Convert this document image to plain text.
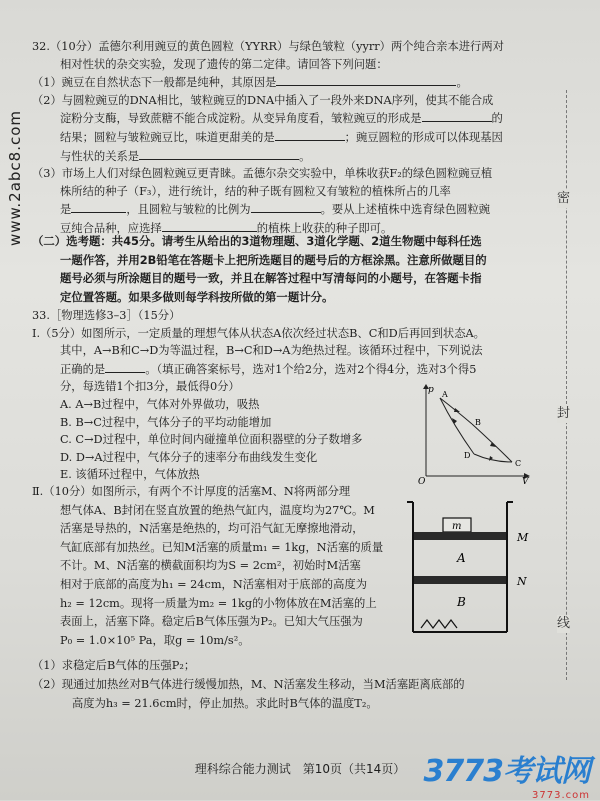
www.2abc8.com	密
封
线

32.（10分）孟德尔利用豌豆的黄色圆粒（YYRR）与绿色皱粒（yyrr）两个纯合亲本进行两对

相对性状的杂交实验，发现了遗传的第二定律。请回答下列问题：

（1）豌豆在自然状态下一般都是纯种，其原因是	。

（2）与圆粒豌豆的DNA相比，皱粒豌豆的DNA中插入了一段外来DNA序列，使其不能合成

淀粉分支酶，导致蔗糖不能合成淀粉。从变异角度看，皱粒豌豆的形成是	的

结果；圆粒与皱粒豌豆比，味道更甜美的是	；豌豆圆粒的形成可以体现基因

与性状的关系是	。

（3）市场上人们对绿色圆粒豌豆更青睐。孟德尔杂交实验中，单株收获F₂的绿色圆粒豌豆植

株所结的种子（F₃），进行统计，结的种子既有圆粒又有皱粒的植株所占的几率

是	，且圆粒与皱粒的比例为	。要从上述植株中选育绿色圆粒豌

豆纯合品种，应选择	的植株上收获的种子即可。

（二）选考题：共45分。请考生从给出的3道物理题、3道化学题、2道生物题中每科任选

一题作答，并用2B铅笔在答题卡上把所选题目的题号后的方框涂黑。注意所做题目的

题号必须与所涂题目的题号一致，并且在解答过程中写清每问的小题号，在答题卡指

定位置答题。如果多做则每学科按所做的第一题计分。

33.［物理选修3–3］（15分）

Ⅰ.（5分）如图所示，一定质量的理想气体从状态A依次经过状态B、C和D后再回到状态A。

其中，A→B和C→D为等温过程，B→C和D→A为绝热过程。该循环过程中，下列说法

正确的是	。（填正确答案标号，选对1个给2分，选对2个得4分，选对3个得5

分，每选错1个扣3分，最低得0分）

A. A→B过程中，气体对外界做功，吸热

B. B→C过程中，气体分子的平均动能增加

C. C→D过程中，单位时间内碰撞单位面积器壁的分子数增多

D. D→A过程中，气体分子的速率分布曲线发生变化

E. 该循环过程中，气体放热

Ⅱ.（10分）如图所示，有两个不计厚度的活塞M、N将两部分理

想气体A、B封闭在竖直放置的绝热气缸内，温度均为27℃。M

活塞是导热的，N活塞是绝热的，均可沿气缸无摩擦地滑动，

气缸底部有加热丝。已知M活塞的质量m₁ = 1kg，N活塞的质量

不计。M、N活塞的横截面积均为S = 2cm²，初始时M活塞

相对于底部的高度为h₁ = 24cm，N活塞相对于底部的高度为

h₂ = 12cm。现将一质量为m₂ = 1kg的小物体放在M活塞的上

表面上，活塞下降。稳定后B气体压强为P₂。已知大气压强为

P₀ = 1.0×10⁵ Pa，取g = 10m/s²。

（1）求稳定后B气体的压强P₂；

（2）现通过加热丝对B气体进行缓慢加热，M、N活塞发生移动，当M活塞距离底部的

高度为h₃ = 21.6cm时，停止加热。求此时B气体的温度T₂。

p
V
O
A
B
C
D
m
M
N
A
B
理科综合能力测试　第10页（共14页） 3773考试网
3773.com
